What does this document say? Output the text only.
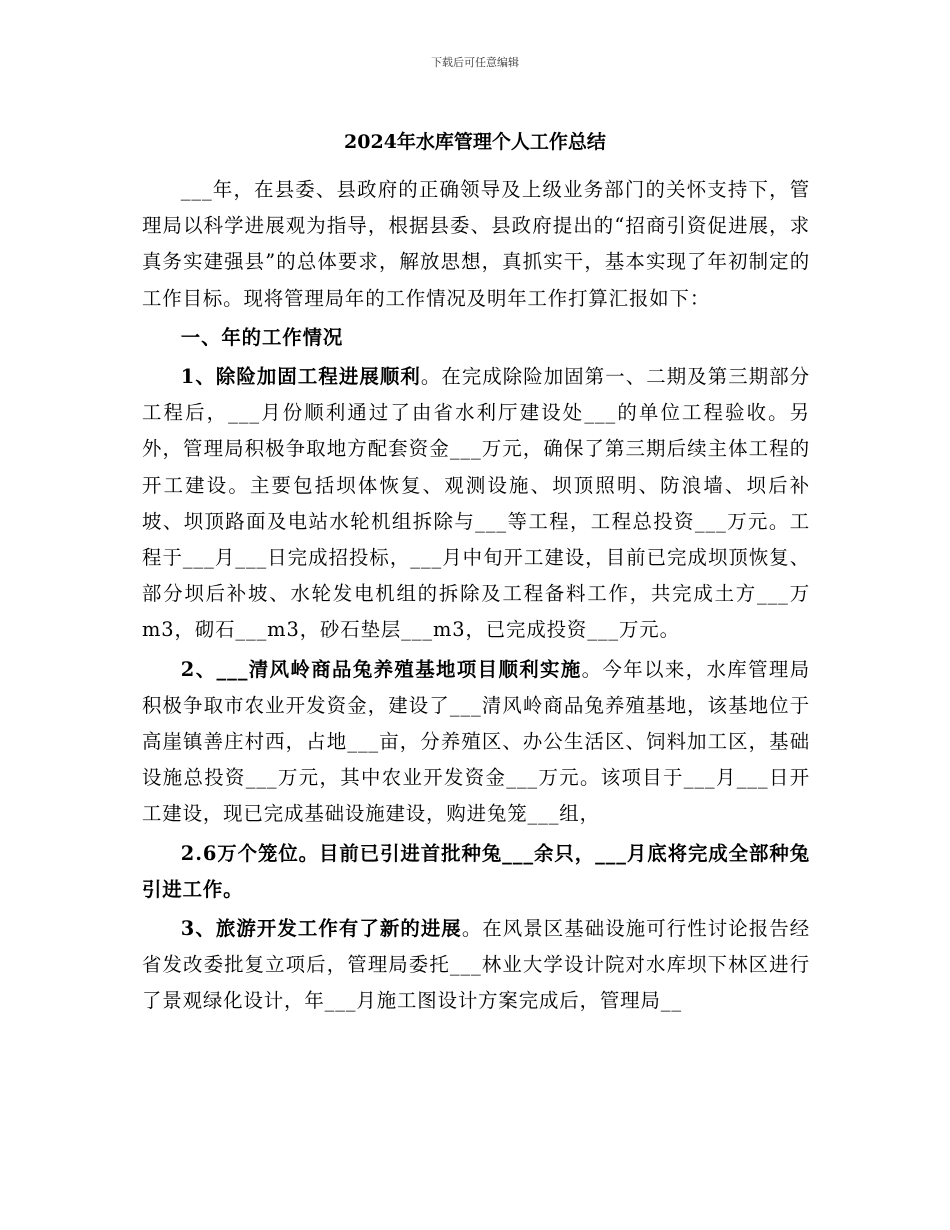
下载后可任意编辑
2024年水库管理个人工作总结

___年，在县委、县政府的正确领导及上级业务部门的关怀支持下，管理局以科学进展观为指导，根据县委、县政府提出的“招商引资促进展，求真务实建强县”的总体要求，解放思想，真抓实干，基本实现了年初制定的工作目标。现将管理局年的工作情况及明年工作打算汇报如下：

一、年的工作情况

1、除险加固工程进展顺利。在完成除险加固第一、二期及第三期部分工程后，___月份顺利通过了由省水利厅建设处___的单位工程验收。另外，管理局积极争取地方配套资金___万元，确保了第三期后续主体工程的开工建设。主要包括坝体恢复、观测设施、坝顶照明、防浪墙、坝后补坡、坝顶路面及电站水轮机组拆除与___等工程，工程总投资___万元。工程于___月___日完成招投标，___月中旬开工建设，目前已完成坝顶恢复、部分坝后补坡、水轮发电机组的拆除及工程备料工作，共完成土方___万m3，砌石___m3，砂石垫层___m3，已完成投资___万元。

2、___清风岭商品兔养殖基地项目顺利实施。今年以来，水库管理局积极争取市农业开发资金，建设了___清风岭商品兔养殖基地，该基地位于高崖镇善庄村西，占地___亩，分养殖区、办公生活区、饲料加工区，基础设施总投资___万元，其中农业开发资金___万元。该项目于___月___日开工建设，现已完成基础设施建设，购进兔笼___组，

2.6万个笼位。目前已引进首批种兔___余只，___月底将完成全部种兔引进工作。

3、旅游开发工作有了新的进展。在风景区基础设施可行性讨论报告经省发改委批复立项后，管理局委托___林业大学设计院对水库坝下林区进行了景观绿化设计，年___月施工图设计方案完成后，管理局__
